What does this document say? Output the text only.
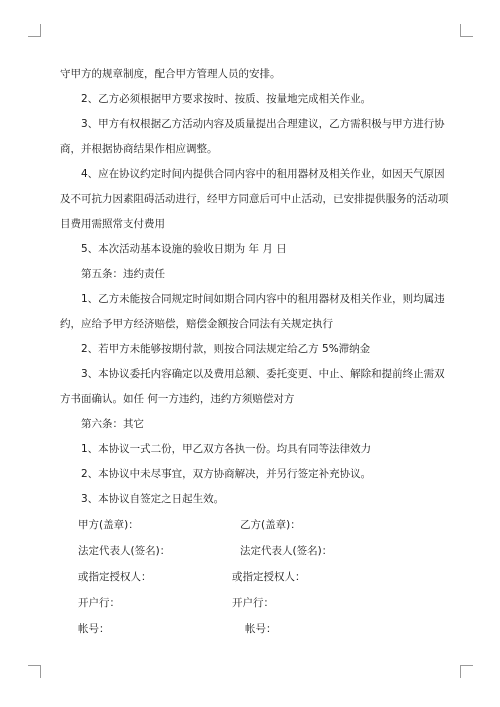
守甲方的规章制度，配合甲方管理人员的安排。
2、乙方必须根据甲方要求按时、按质、按量地完成相关作业。
3、甲方有权根据乙方活动内容及质量提出合理建议，乙方需积极与甲方进行协
商，并根据协商结果作相应调整。
4、应在协议约定时间内提供合同内容中的租用器材及相关作业，如因天气原因
及不可抗力因素阻碍活动进行，经甲方同意后可中止活动，已安排提供服务的活动项
目费用需照常支付费用
5、本次活动基本设施的验收日期为 年 月 日
第五条：违约责任
1、乙方未能按合同规定时间如期合同内容中的租用器材及相关作业，则均属违
约，应给予甲方经济赔偿，赔偿金额按合同法有关规定执行
2、若甲方未能够按期付款，则按合同法规定给乙方 5%滞纳金
3、本协议委托内容确定以及费用总额、委托变更、中止、解除和提前终止需双
方书面确认。如任 何一方违约，违约方须赔偿对方
第六条：其它
1、本协议一式二份，甲乙双方各执一份。均具有同等法律效力
2、本协议中未尽事宜，双方协商解决，并另行签定补充协议。
3、本协议自签定之日起生效。
甲方(盖章)：	乙方(盖章)：
法定代表人(签名)：	法定代表人(签名)：
或指定授权人：	或指定授权人：
开户行：	开户行：
帐号：	帐号：
